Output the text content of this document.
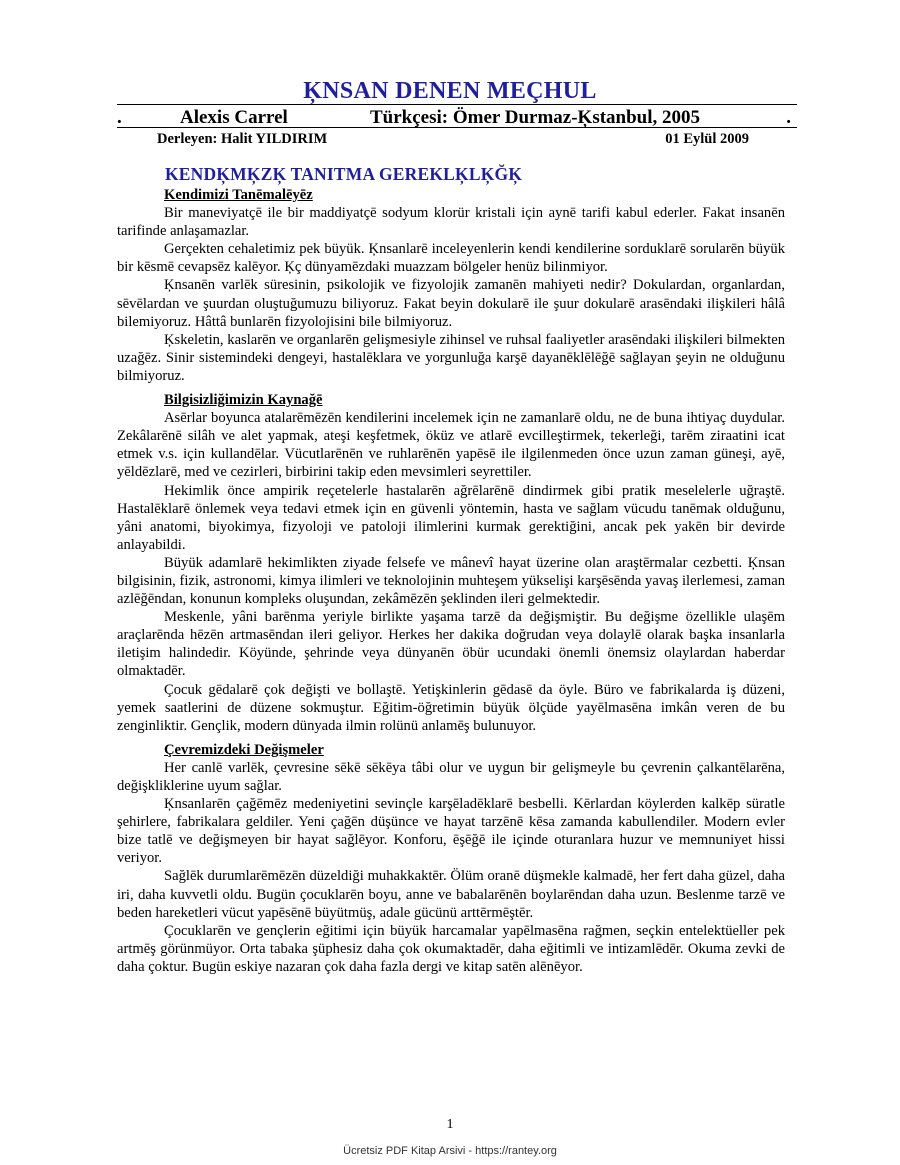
ĶNSAN DENEN MEÇHUL
.	Alexis Carrel	Türkçesi: Ömer Durmaz-Ķstanbul, 2005	.
Derleyen: Halit YILDIRIM	01 Eylül 2009
KENDĶMĶZĶ TANITMA GEREKLĶLĶĞĶ
Kendimizi Tanēmalēyēz

Bir maneviyatçē ile bir maddiyatçē sodyum klorür kristali için aynē tarifi kabul ederler. Fakat insanēn tarifinde anlaşamazlar.

Gerçekten cehaletimiz pek büyük. Ķnsanlarē inceleyenlerin kendi kendilerine sorduklarē sorularēn büyük bir kēsmē cevapsēz kalēyor. Ķç dünyamēzdaki muazzam bölgeler henüz bilinmiyor.

Ķnsanēn varlēk süresinin, psikolojik ve fizyolojik zamanēn mahiyeti nedir? Dokulardan, organlardan, sēvēlardan ve şuurdan oluştuğumuzu biliyoruz. Fakat beyin dokularē ile şuur dokularē arasēndaki ilişkileri hâlâ bilemiyoruz. Hâttâ bunlarēn fizyolojisini bile bilmiyoruz.

Ķskeletin, kaslarēn ve organlarēn gelişmesiyle zihinsel ve ruhsal faaliyetler arasēndaki ilişkileri bilmekten uzağēz. Sinir sistemindeki dengeyi, hastalēklara ve yorgunluğa karşē dayanēklēlēğē sağlayan şeyin ne olduğunu bilmiyoruz.

Bilgisizliğimizin Kaynağē

Asērlar boyunca atalarēmēzēn kendilerini incelemek için ne zamanlarē oldu, ne de buna ihtiyaç duydular. Zekâlarēnē silâh ve alet yapmak, ateşi keşfetmek, öküz ve atlarē evcilleştirmek, tekerleği, tarēm ziraatini icat etmek v.s. için kullandēlar. Vücutlarēnēn ve ruhlarēnēn yapēsē ile ilgilenmeden önce uzun zaman güneşi, ayē, yēldēzlarē, med ve cezirleri, birbirini takip eden mevsimleri seyrettiler.

Hekimlik önce ampirik reçetelerle hastalarēn ağrēlarēnē dindirmek gibi pratik meselelerle uğraştē. Hastalēklarē önlemek veya tedavi etmek için en güvenli yöntemin, hasta ve sağlam vücudu tanēmak olduğunu, yâni anatomi, biyokimya, fizyoloji ve patoloji ilimlerini kurmak gerektiğini, ancak pek yakēn bir devirde anlayabildi.

Büyük adamlarē hekimlikten ziyade felsefe ve mânevî hayat üzerine olan araştērmalar cezbetti. Ķnsan bilgisinin, fizik, astronomi, kimya ilimleri ve teknolojinin muhteşem yükselişi karşēsēnda yavaş ilerlemesi, zaman azlēğēndan, konunun kompleks oluşundan, zekâmēzēn şeklinden ileri gelmektedir.

Meskenle, yâni barēnma yeriyle birlikte yaşama tarzē da değişmiştir. Bu değişme özellikle ulaşēm araçlarēnda hēzēn artmasēndan ileri geliyor. Herkes her dakika doğrudan veya dolaylē olarak başka insanlarla iletişim halindedir. Köyünde, şehrinde veya dünyanēn öbür ucundaki önemli önemsiz olaylardan haberdar olmaktadēr.

Çocuk gēdalarē çok değişti ve bollaştē. Yetişkinlerin gēdasē da öyle. Büro ve fabrikalarda iş düzeni, yemek saatlerini de düzene sokmuştur. Eğitim-öğretimin büyük ölçüde yayēlmasēna imkân veren de bu zenginliktir. Gençlik, modern dünyada ilmin rolünü anlamēş bulunuyor.

Çevremizdeki Değişmeler

Her canlē varlēk, çevresine sēkē sēkēya tâbi olur ve uygun bir gelişmeyle bu çevrenin çalkantēlarēna, değişkliklerine uyum sağlar.

Ķnsanlarēn çağēmēz medeniyetini sevinçle karşēladēklarē besbelli. Kērlardan köylerden kalkēp süratle şehirlere, fabrikalara geldiler. Yeni çağēn düşünce ve hayat tarzēnē kēsa zamanda kabullendiler. Modern evler bize tatlē ve değişmeyen bir hayat sağlēyor. Konforu, ēşēğē ile içinde oturanlara huzur ve memnuniyet hissi veriyor.

Sağlēk durumlarēmēzēn düzeldiği muhakkaktēr. Ölüm oranē düşmekle kalmadē, her fert daha güzel, daha iri, daha kuvvetli oldu. Bugün çocuklarēn boyu, anne ve babalarēnēn boylarēndan daha uzun. Beslenme tarzē ve beden hareketleri vücut yapēsēnē büyütmüş, adale gücünü arttērmēştēr.

Çocuklarēn ve gençlerin eğitimi için büyük harcamalar yapēlmasēna rağmen, seçkin entelektüeller pek artmēş görünmüyor. Orta tabaka şüphesiz daha çok okumaktadēr, daha eğitimli ve intizamlēdēr. Okuma zevki de daha çoktur. Bugün eskiye nazaran çok daha fazla dergi ve kitap satēn alēnēyor.

1
Ücretsiz PDF Kitap Arsivi - https://rantey.org
